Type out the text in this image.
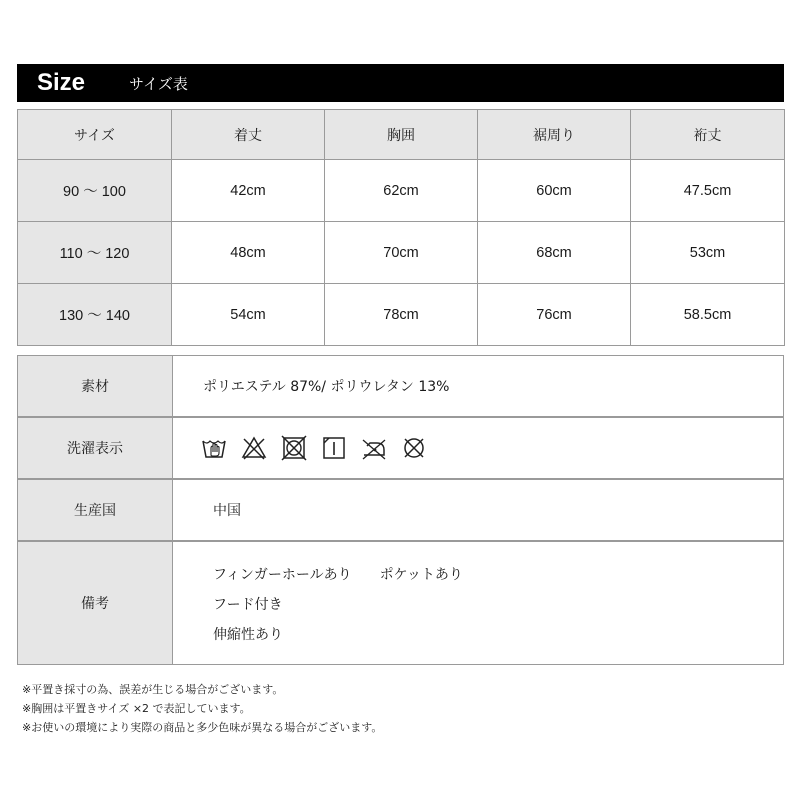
Size	サイズ表
サイズ	着丈	胸囲	裾周り	裄丈
90 ～ 100	42cm	62cm	60cm	47.5cm
110 ～ 120	48cm	70cm	68cm	53cm
130 ～ 140	54cm	78cm	76cm	58.5cm
素材	ポリエステル 87%/ ポリウレタン 13%
洗濯表示
生産国	中国
備考
フィンガーホールあり ポケットあり
フード付き
伸縮性あり
※平置き採寸の為、誤差が生じる場合がございます。
※胸囲は平置きサイズ ×2 で表記しています。
※お使いの環境により実際の商品と多少色味が異なる場合がございます。
